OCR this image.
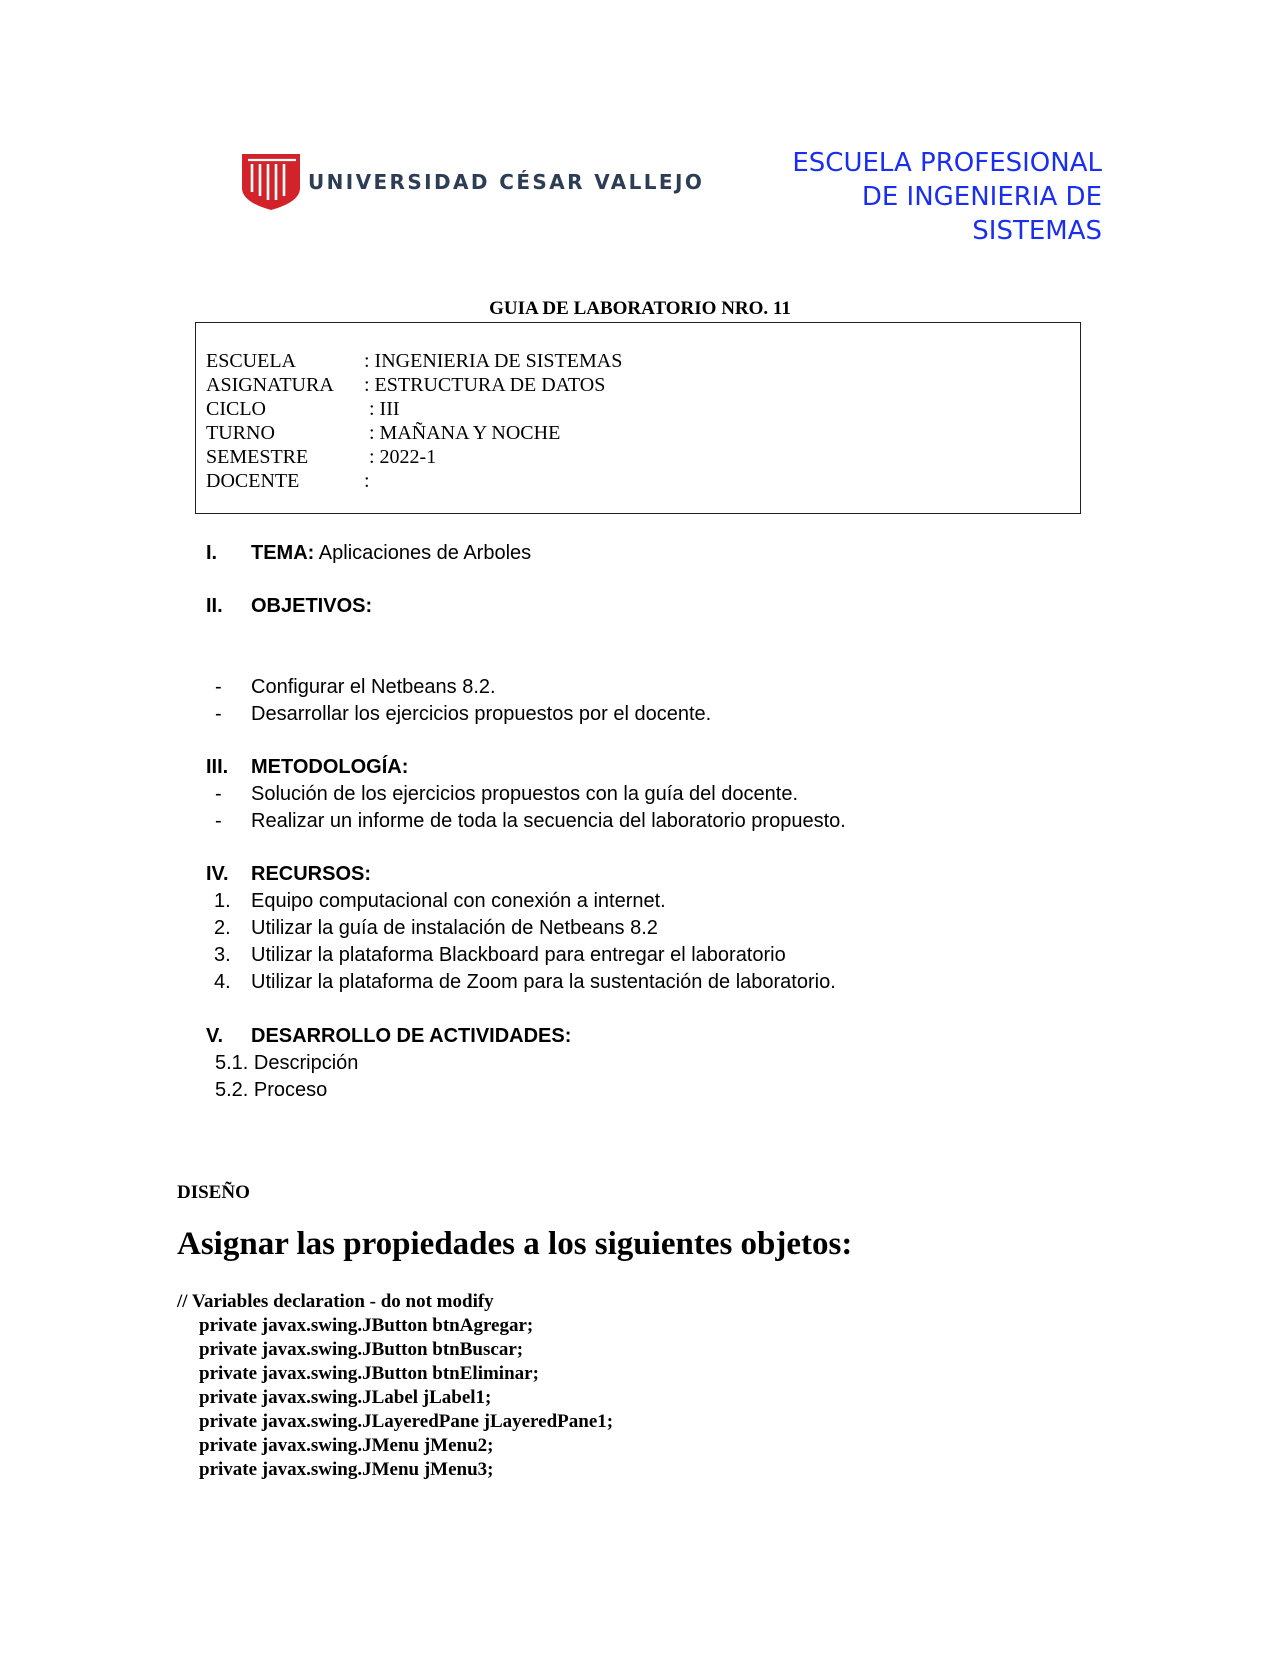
UNIVERSIDAD CÉSAR VALLEJO
ESCUELA PROFESIONAL
DE INGENIERIA DE
SISTEMAS
GUIA DE LABORATORIO NRO. 11
ESCUELA	: INGENIERIA DE SISTEMAS
ASIGNATURA : ESTRUCTURA DE DATOS
CICLO	: III
TURNO	: MAÑANA Y NOCHE
SEMESTRE	: 2022-1
DOCENTE	:
I. TEMA: Aplicaciones de Arboles
II. OBJETIVOS:
- Configurar el Netbeans 8.2.
- Desarrollar los ejercicios propuestos por el docente.
III. METODOLOGÍA:
- Solución de los ejercicios propuestos con la guía del docente.
- Realizar un informe de toda la secuencia del laboratorio propuesto.
IV. RECURSOS:
1. Equipo computacional con conexión a internet.
2. Utilizar la guía de instalación de Netbeans 8.2
3. Utilizar la plataforma Blackboard para entregar el laboratorio
4. Utilizar la plataforma de Zoom para la sustentación de laboratorio.
V. DESARROLLO DE ACTIVIDADES:
5.1. Descripción
5.2. Proceso
DISEÑO
Asignar las propiedades a los siguientes objetos:
// Variables declaration - do not modify
private javax.swing.JButton btnAgregar;
private javax.swing.JButton btnBuscar;
private javax.swing.JButton btnEliminar;
private javax.swing.JLabel jLabel1;
private javax.swing.JLayeredPane jLayeredPane1;
private javax.swing.JMenu jMenu2;
private javax.swing.JMenu jMenu3;
